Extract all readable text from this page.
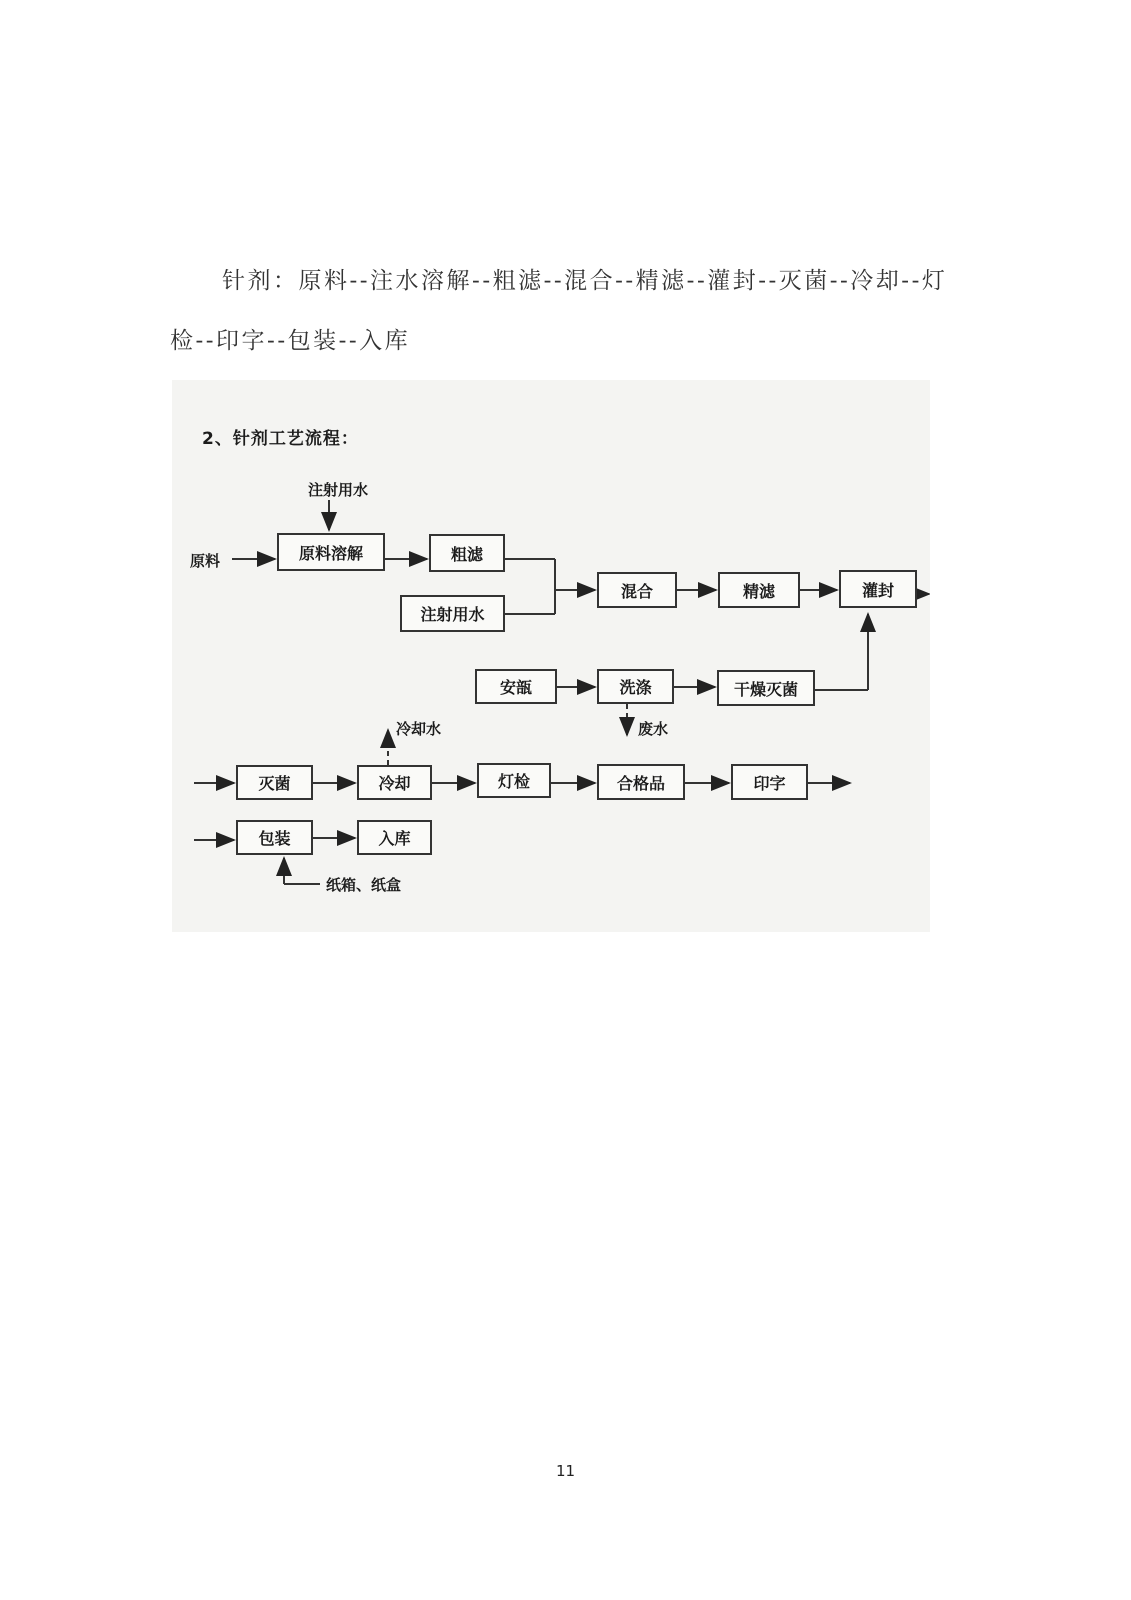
针剂：原料--注水溶解--粗滤--混合--精滤--灌封--灭菌--冷却--灯
检--印字--包装--入库
2、针剂工艺流程：
注射用水
原料
冷却水	废水
纸箱、纸盒
原料溶解	粗滤
注射用水
混合	精滤	灌封
安瓿	洗涤	干燥灭菌
灭菌	冷却	灯检	合格品	印字
包装	入库
11
